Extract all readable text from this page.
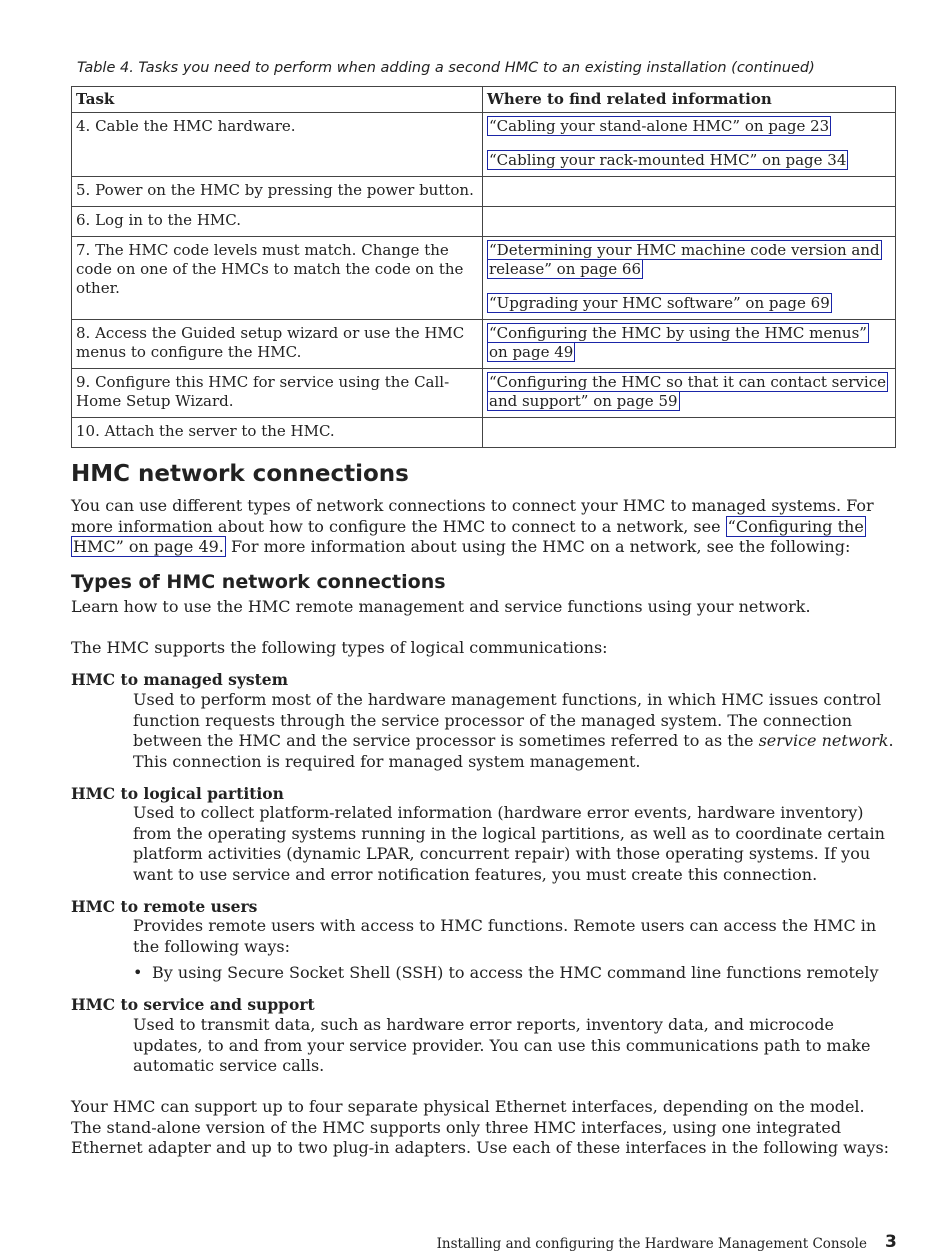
Table 4. Tasks you need to perform when adding a second HMC to an existing installation (continued)
Task	Where to find related information
4. Cable the HMC hardware.	“Cabling your stand-alone HMC” on page 23
“Cabling your rack-mounted HMC” on page 34

5. Power on the HMC by pressing the power button.	
6. Log in to the HMC.	
7. The HMC code levels must match. Change the code on one of the HMCs to match the code on the other.	“Determining your HMC machine code version and release” on page 66
“Upgrading your HMC software” on page 69

8. Access the Guided setup wizard or use the HMC menus to configure the HMC.	“Configuring the HMC by using the HMC menus” on page 49

9. Configure this HMC for service using the Call-Home Setup Wizard.	“Configuring the HMC so that it can contact service and support” on page 59

10. Attach the server to the HMC.	
HMC network connections

You can use different types of network connections to connect your HMC to managed systems. For more information about how to configure the HMC to connect to a network, see “Configuring the HMC” on page 49. For more information about using the HMC on a network, see the following:

Types of HMC network connections

Learn how to use the HMC remote management and service functions using your network.

The HMC supports the following types of logical communications:

HMC to managed system

Used to perform most of the hardware management functions, in which HMC issues control function requests through the service processor of the managed system. The connection between the HMC and the service processor is sometimes referred to as the service network. This connection is required for managed system management.

HMC to logical partition

Used to collect platform-related information (hardware error events, hardware inventory) from the operating systems running in the logical partitions, as well as to coordinate certain platform activities (dynamic LPAR, concurrent repair) with those operating systems. If you want to use service and error notification features, you must create this connection.

HMC to remote users

Provides remote users with access to HMC functions. Remote users can access the HMC in the following ways:

• By using Secure Socket Shell (SSH) to access the HMC command line functions remotely

HMC to service and support

Used to transmit data, such as hardware error reports, inventory data, and microcode updates, to and from your service provider. You can use this communications path to make automatic service calls.

Your HMC can support up to four separate physical Ethernet interfaces, depending on the model. The stand-alone version of the HMC supports only three HMC interfaces, using one integrated Ethernet adapter and up to two plug-in adapters. Use each of these interfaces in the following ways:

Installing and configuring the Hardware Management Console 3
